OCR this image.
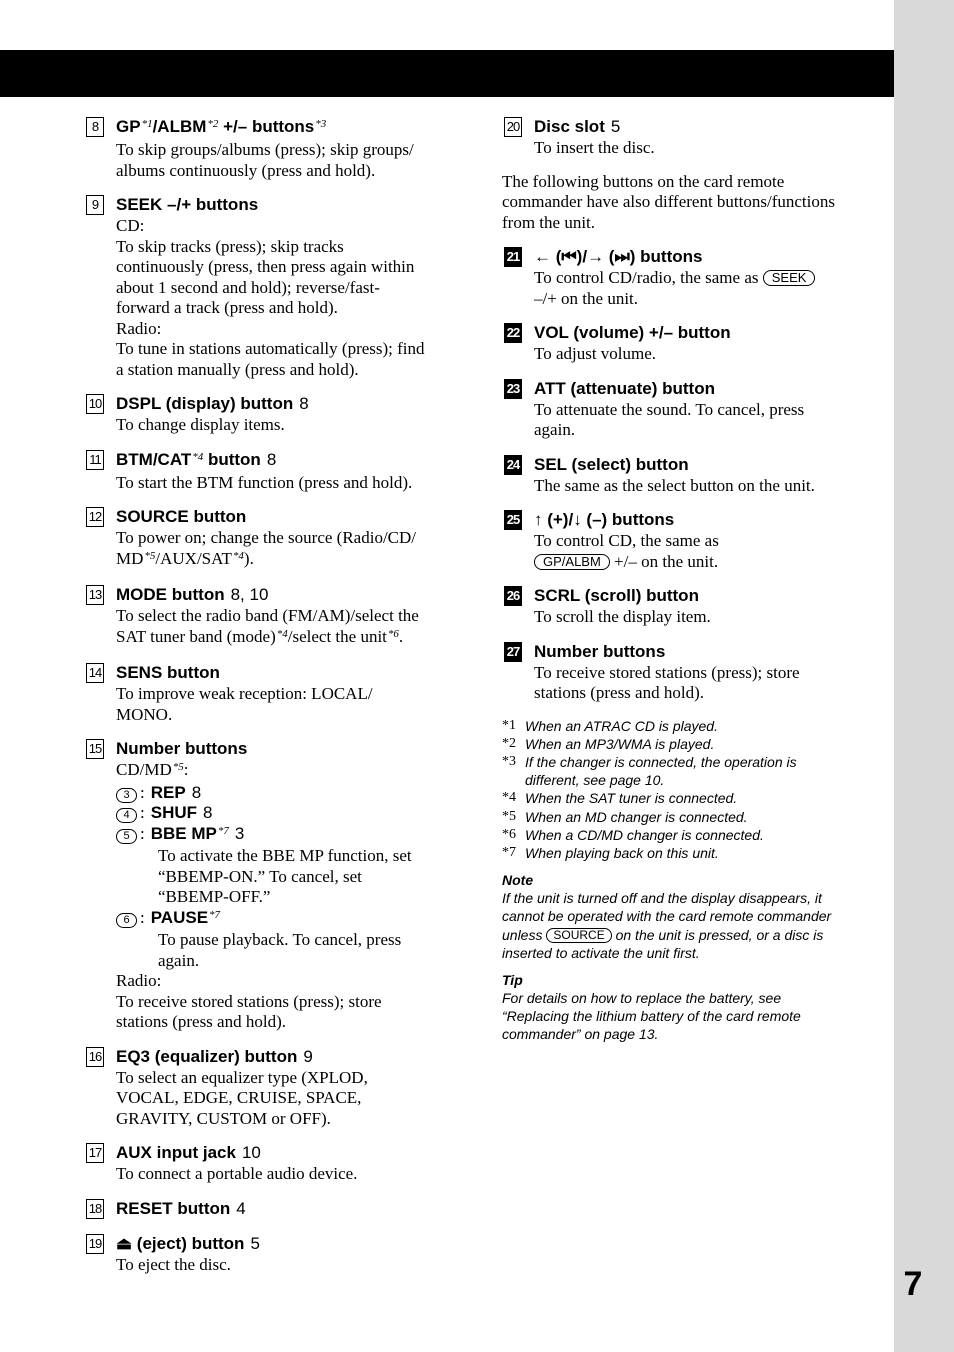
7
8	$GP^{*1}/ALBM^{*2}$ +/– buttons$^{*3}$
To skip groups/albums (press); skip groups/
albums continuously (press and hold).
9	SEEK –/+ buttons
CD:
To skip tracks (press); skip tracks
continuously (press, then press again within
about 1 second and hold); reverse/fast-
forward a track (press and hold).
Radio:
To tune in stations automatically (press); find
a station manually (press and hold).
10 DSPL (display) button 8
To change display items.
11 BTM/CAT$^{*4}$ button 8
To start the BTM function (press and hold).
12 SOURCE button
To power on; change the source (Radio/CD/
MD$^{*5}$/AUX/SAT$^{*4}$).
13 MODE button 8, 10
To select the radio band (FM/AM)/select the
SAT tuner band (mode)$^{*4}$/select the unit$^{*6}$.
14 SENS button
To improve weak reception: LOCAL/
MONO.
15 Number buttons
CD/MD$^{*5}$:
3 : REP 8
4 : SHUF 8
5 : BBE MP$^{*7}$ 3
To activate the BBE MP function, set
“BBEMP-ON.” To cancel, set
“BBEMP-OFF.”
6 : PAUSE$^{*7}$
To pause playback. To cancel, press
again.
Radio:
To receive stored stations (press); store
stations (press and hold).
16 EQ3 (equalizer) button 9
To select an equalizer type (XPLOD,
VOCAL, EDGE, CRUISE, SPACE,
GRAVITY, CUSTOM or OFF).
17 AUX input jack 10
To connect a portable audio device.
18 RESET button 4
19 ⏏ (eject) button 5
To eject the disc.
20 Disc slot 5
To insert the disc.
The following buttons on the card remote
commander have also different buttons/functions
from the unit.
21 ← (⏮)/→ (⏭) buttons
To control CD/radio, the same as SEEK
–/+ on the unit.
22 VOL (volume) +/– button
To adjust volume.
23 ATT (attenuate) button
To attenuate the sound. To cancel, press
again.
24 SEL (select) button
The same as the select button on the unit.
25 ↑ (+)/↓ (–) buttons
To control CD, the same as
GP/ALBM +/– on the unit.
26 SCRL (scroll) button
To scroll the display item.
27 Number buttons
To receive stored stations (press); store
stations (press and hold).
*1 When an ATRAC CD is played.
*2 When an MP3/WMA is played.
*3 If the changer is connected, the operation is
different, see page 10.
*4 When the SAT tuner is connected.
*5 When an MD changer is connected.
*6 When a CD/MD changer is connected.
*7 When playing back on this unit.
Note
If the unit is turned off and the display disappears, it
cannot be operated with the card remote commander
unless SOURCE on the unit is pressed, or a disc is
inserted to activate the unit first.
Tip
For details on how to replace the battery, see
“Replacing the lithium battery of the card remote
commander” on page 13.
